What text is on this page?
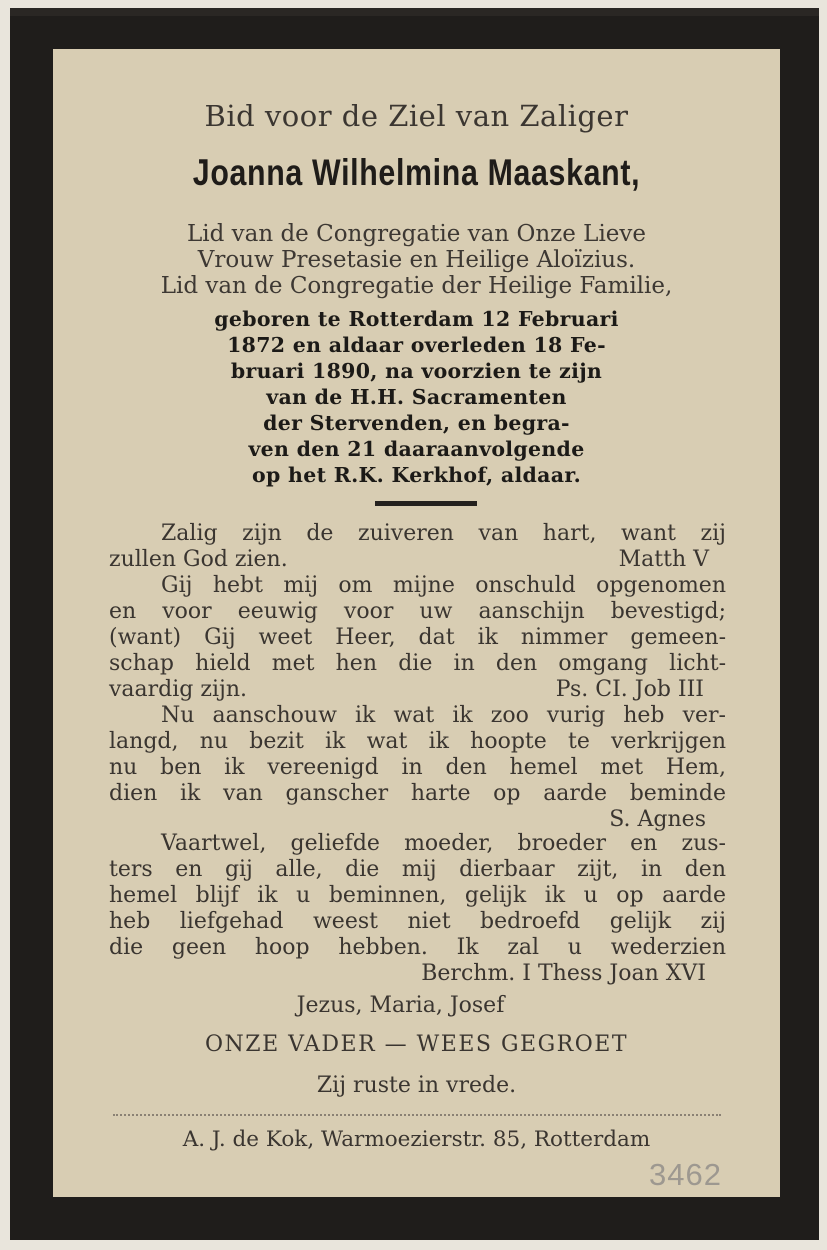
Bid voor de Ziel van Zaliger
Joanna Wilhelmina Maaskant,
Lid van de Congregatie van Onze Lieve
Vrouw Presetasie en Heilige Aloïzius.
Lid van de Congregatie der Heilige Familie,
geboren te Rotterdam 12 Februari
1872 en aldaar overleden 18 Fe-
bruari 1890, na voorzien te zijn
van de H.H. Sacramenten
der Stervenden, en begra-
ven den 21 daaraanvolgende
op het R.K. Kerkhof, aldaar.
Zalig zijn de zuiveren van hart, want zij
zullen God zien.	Matth V
Gij hebt mij om mijne onschuld opgenomen
en voor eeuwig voor uw aanschijn bevestigd;
(want) Gij weet Heer, dat ik nimmer gemeen-
schap hield met hen die in den omgang licht-
vaardig zijn.	Ps. CI. Job III
Nu aanschouw ik wat ik zoo vurig heb ver-
langd, nu bezit ik wat ik hoopte te verkrijgen
nu ben ik vereenigd in den hemel met Hem,
dien ik van ganscher harte op aarde beminde
S. Agnes
Vaartwel, geliefde moeder, broeder en zus-
ters en gij alle, die mij dierbaar zijt, in den
hemel blijf ik u beminnen, gelijk ik u op aarde
heb liefgehad weest niet bedroefd gelijk zij
die geen hoop hebben. Ik zal u wederzien
Berchm. I Thess Joan XVI
Jezus, Maria, Josef
ONZE VADER — WEES GEGROET
Zij ruste in vrede.
A. J. de Kok, Warmoezierstr. 85, Rotterdam
3462
